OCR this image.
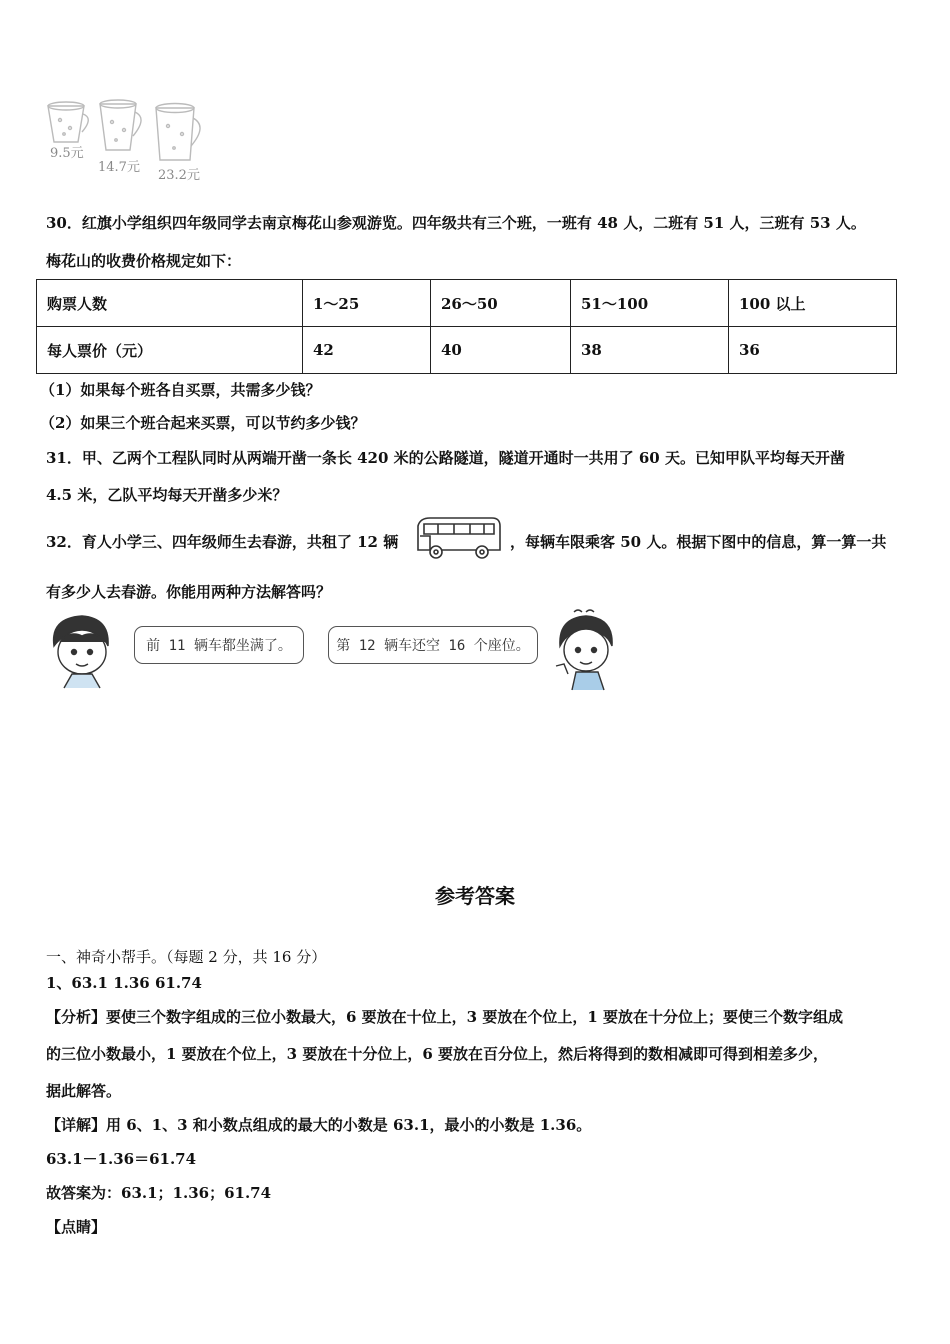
9.5元
14.7元
23.2元
30．红旗小学组织四年级同学去南京梅花山参观游览。四年级共有三个班，一班有 48 人，二班有 51 人，三班有 53 人。
梅花山的收费价格规定如下：
购票人数	1～25	26～50	51～100	100 以上
每人票价（元）	42	40	38	36
（1）如果每个班各自买票，共需多少钱？
（2）如果三个班合起来买票，可以节约多少钱？
31．甲、乙两个工程队同时从两端开凿一条长 420 米的公路隧道，隧道开通时一共用了 60 天。已知甲队平均每天开凿
4.5 米，乙队平均每天开凿多少米？
32．育人小学三、四年级师生去春游，共租了 12 辆	，每辆车限乘客 50 人。根据下图中的信息，算一算一共
有多少人去春游。你能用两种方法解答吗？
前 11 辆车都坐满了。	第 12 辆车还空 16 个座位。
参考答案
一、神奇小帮手。（每题 2 分，共 16 分）
1、63.1 1.36 61.74
【分析】要使三个数字组成的三位小数最大，6 要放在十位上，3 要放在个位上，1 要放在十分位上；要使三个数字组成
的三位小数最小，1 要放在个位上，3 要放在十分位上，6 要放在百分位上，然后将得到的数相减即可得到相差多少，
据此解答。
【详解】用 6、1、3 和小数点组成的最大的小数是 63.1，最小的小数是 1.36。
63.1－1.36＝61.74
故答案为：63.1；1.36；61.74
【点睛】
